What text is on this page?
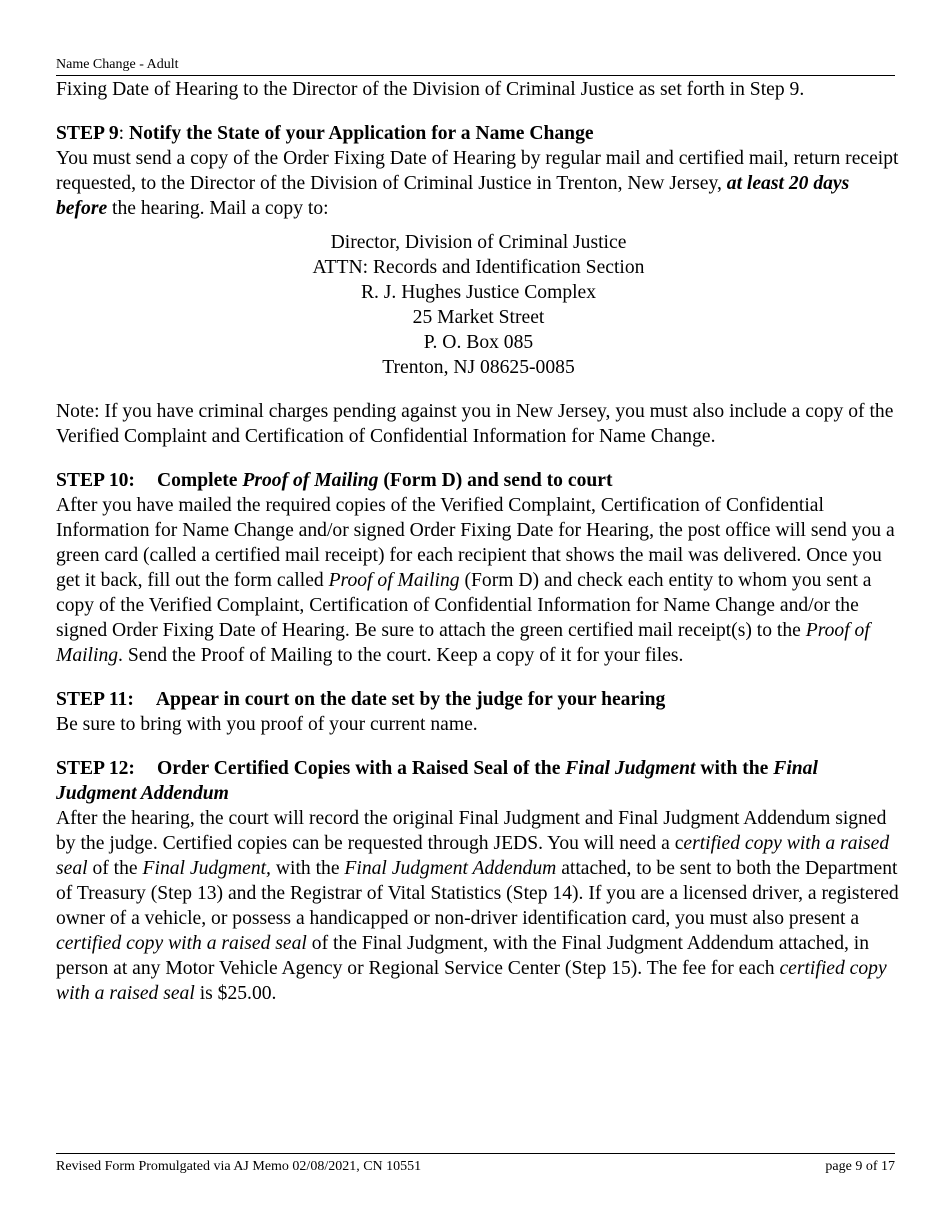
Name Change - Adult

Fixing Date of Hearing to the Director of the Division of Criminal Justice as set forth in Step 9.

STEP 9: Notify the State of your Application for a Name Change

You must send a copy of the Order Fixing Date of Hearing by regular mail and certified mail, return receipt requested, to the Director of the Division of Criminal Justice in Trenton, New Jersey, at least 20 days before the hearing. Mail a copy to:

Director, Division of Criminal Justice
ATTN: Records and Identification Section
R. J. Hughes Justice Complex
25 Market Street
P. O. Box 085
Trenton, NJ 08625-0085

Note: If you have criminal charges pending against you in New Jersey, you must also include a copy of the Verified Complaint and Certification of Confidential Information for Name Change.

STEP 10: Complete Proof of Mailing (Form D) and send to court

After you have mailed the required copies of the Verified Complaint, Certification of Confidential Information for Name Change and/or signed Order Fixing Date for Hearing, the post office will send you a green card (called a certified mail receipt) for each recipient that shows the mail was delivered. Once you get it back, fill out the form called Proof of Mailing (Form D) and check each entity to whom you sent a copy of the Verified Complaint, Certification of Confidential Information for Name Change and/or the signed Order Fixing Date of Hearing. Be sure to attach the green certified mail receipt(s) to the Proof of Mailing. Send the Proof of Mailing to the court. Keep a copy of it for your files.

STEP 11: Appear in court on the date set by the judge for your hearing

Be sure to bring with you proof of your current name.

STEP 12: Order Certified Copies with a Raised Seal of the Final Judgment with the Final Judgment Addendum

After the hearing, the court will record the original Final Judgment and Final Judgment Addendum signed by the judge. Certified copies can be requested through JEDS. You will need a certified copy with a raised seal of the Final Judgment, with the Final Judgment Addendum attached, to be sent to both the Department of Treasury (Step 13) and the Registrar of Vital Statistics (Step 14). If you are a licensed driver, a registered owner of a vehicle, or possess a handicapped or non-driver identification card, you must also present a certified copy with a raised seal of the Final Judgment, with the Final Judgment Addendum attached, in person at any Motor Vehicle Agency or Regional Service Center (Step 15). The fee for each certified copy with a raised seal is $25.00.

Revised Form Promulgated via AJ Memo 02/08/2021, CN 10551	page 9 of 17
